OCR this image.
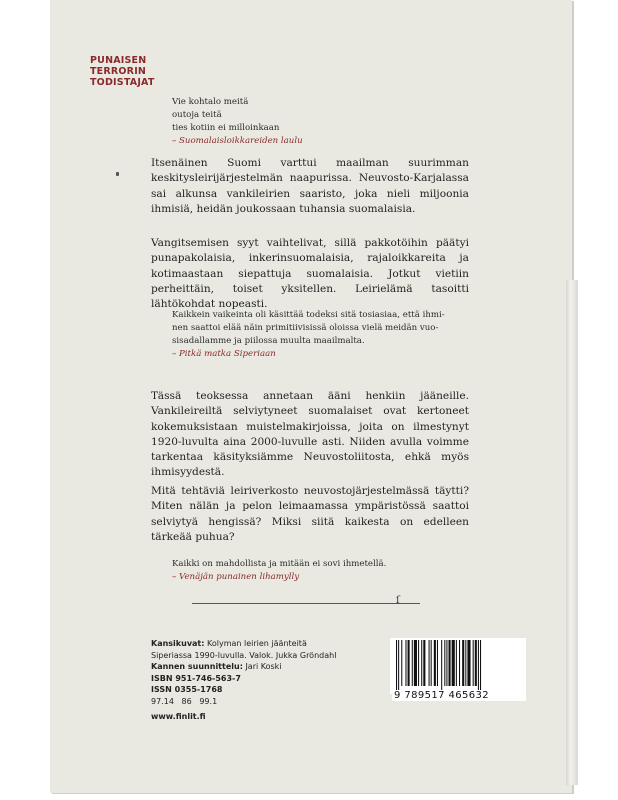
PUNAISEN
TERRORIN
TODISTAJAT
Vie kohtalo meitä
outoja teitä
ties kotiin ei milloinkaan
– Suomalaisloikkareiden laulu

Itsenäinen Suomi varttui maailman suurimman keskitysleirijärjestelmän naapurissa. Neuvosto-Karjalassa sai alkunsa vankileirien saaristo, joka nieli miljoonia ihmisiä, heidän joukossaan tuhansia suomalaisia.

Vangitsemisen syyt vaihtelivat, sillä pakkotöihin päätyi punapakolaisia, inkerinsuomalaisia, rajaloikkareita ja kotimaastaan siepattuja suomalaisia. Jotkut vietiin perheittäin, toiset yksitellen. Leirielämä tasoitti lähtökohdat nopeasti.

Kaikkein vaikeinta oli käsittää todeksi sitä tosiasiaa, että ihmi-
nen saattoi elää näin primitiivisissä oloissa vielä meidän vuo-
sisadallamme ja piilossa muulta maailmalta.
– Pitkä matka Siperiaan

Tässä teoksessa annetaan ääni henkiin jääneille. Vankileireiltä selviytyneet suomalaiset ovat kertoneet kokemuksistaan muistelmakirjoissa, joita on ilmestynyt 1920-luvulta aina 2000-luvulle asti. Niiden avulla voimme tarkentaa käsityksiämme Neuvostoliitosta, ehkä myös ihmisyydestä.

Mitä tehtäviä leiriverkosto neuvostojärjestelmässä täytti? Miten nälän ja pelon leimaamassa ympäristössä saattoi selviytyä hengissä? Miksi siitä kaikesta on edelleen tärkeää puhua?

Kaikki on mahdollista ja mitään ei sovi ihmetellä.
– Venäjän punainen lihamylly
ſ
Kansikuvat: Kolyman leirien jäänteitä
Siperiassa 1990-luvulla. Valok. Jukka Gröndahl
Kannen suunnittelu: Jari Koski
ISBN 951-746-563-7
ISSN 0355-1768
97.14   86   99.1
www.finlit.fi
9 789517 465632
